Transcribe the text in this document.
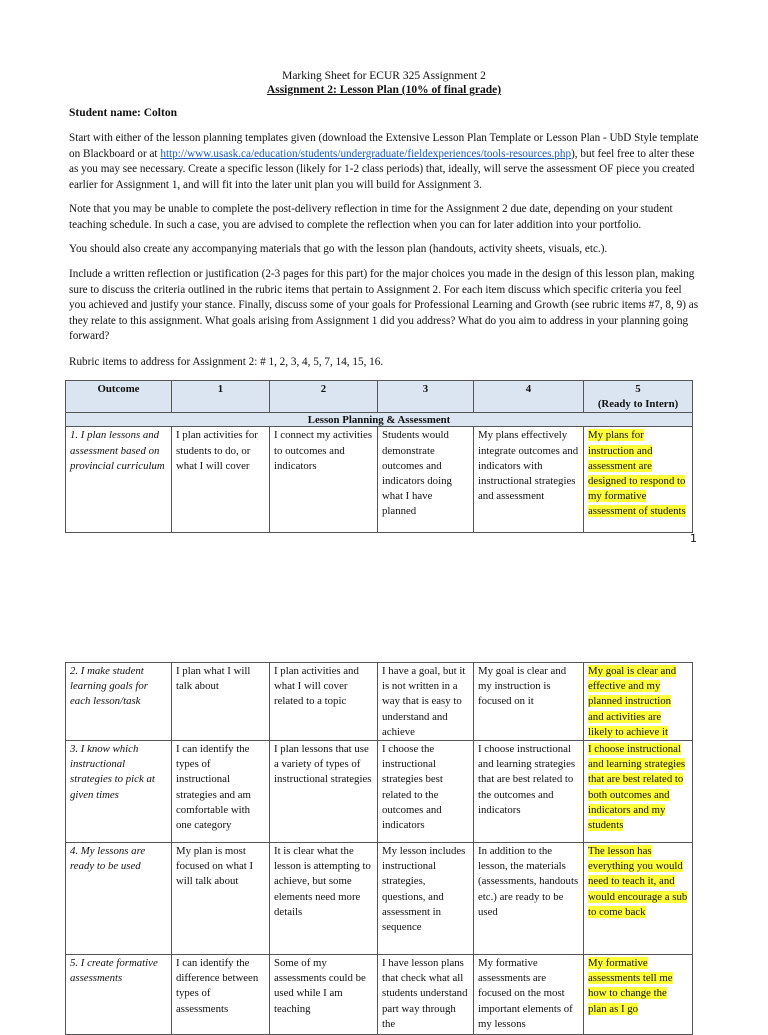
Marking Sheet for ECUR 325 Assignment 2
Assignment 2: Lesson Plan (10% of final grade)
Student name: Colton
Start with either of the lesson planning templates given (download the Extensive Lesson Plan Template or Lesson Plan - UbD Style template on Blackboard or at http://www.usask.ca/education/students/undergraduate/fieldexperiences/tools-resources.php), but feel free to alter these as you may see necessary. Create a specific lesson (likely for 1-2 class periods) that, ideally, will serve the assessment OF piece you created earlier for Assignment 1, and will fit into the later unit plan you will build for Assignment 3.
Note that you may be unable to complete the post-delivery reflection in time for the Assignment 2 due date, depending on your student teaching schedule. In such a case, you are advised to complete the reflection when you can for later addition into your portfolio.
You should also create any accompanying materials that go with the lesson plan (handouts, activity sheets, visuals, etc.).
Include a written reflection or justification (2-3 pages for this part) for the major choices you made in the design of this lesson plan, making sure to discuss the criteria outlined in the rubric items that pertain to Assignment 2. For each item discuss which specific criteria you feel you achieved and justify your stance. Finally, discuss some of your goals for Professional Learning and Growth (see rubric items #7, 8, 9) as they relate to this assignment. What goals arising from Assignment 1 did you address? What do you aim to address in your planning going forward?
Rubric items to address for Assignment 2: # 1, 2, 3, 4, 5, 7, 14, 15, 16.
Outcome	1	2	3	4	5
(Ready to Intern)

Lesson Planning & Assessment					
1. I plan lessons and assessment based on provincial curriculum	I plan activities for students to do, or what I will cover	I connect my activities to outcomes and indicators	Students would demonstrate outcomes and indicators doing what I have planned	My plans effectively integrate outcomes and indicators with instructional strategies and assessment	My plans for instruction and assessment are designed to respond to my formative assessment of students
1
2. I make student learning goals for each lesson/task	I plan what I will talk about	I plan activities and what I will cover related to a topic	I have a goal, but it is not written in a way that is easy to understand and achieve	My goal is clear and my instruction is focused on it	My goal is clear and effective and my planned instruction and activities are likely to achieve it
3. I know which instructional strategies to pick at given times	I can identify the types of instructional strategies and am comfortable with one category	I plan lessons that use a variety of types of instructional strategies	I choose the instructional strategies best related to the outcomes and indicators	I choose instructional and learning strategies that are best related to the outcomes and indicators	I choose instructional and learning strategies that are best related to both outcomes and indicators and my students
4. My lessons are ready to be used	My plan is most focused on what I will talk about	It is clear what the lesson is attempting to achieve, but some elements need more details	My lesson includes instructional strategies, questions, and assessment in sequence	In addition to the lesson, the materials (assessments, handouts etc.) are ready to be used	The lesson has everything you would need to teach it, and would encourage a sub to come back
5. I create formative assessments	I can identify the difference between types of assessments	Some of my assessments could be used while I am teaching	I have lesson plans that check what all students understand part way through the	My formative assessments are focused on the most important elements of my lessons	My formative assessments tell me how to change the plan as I go
